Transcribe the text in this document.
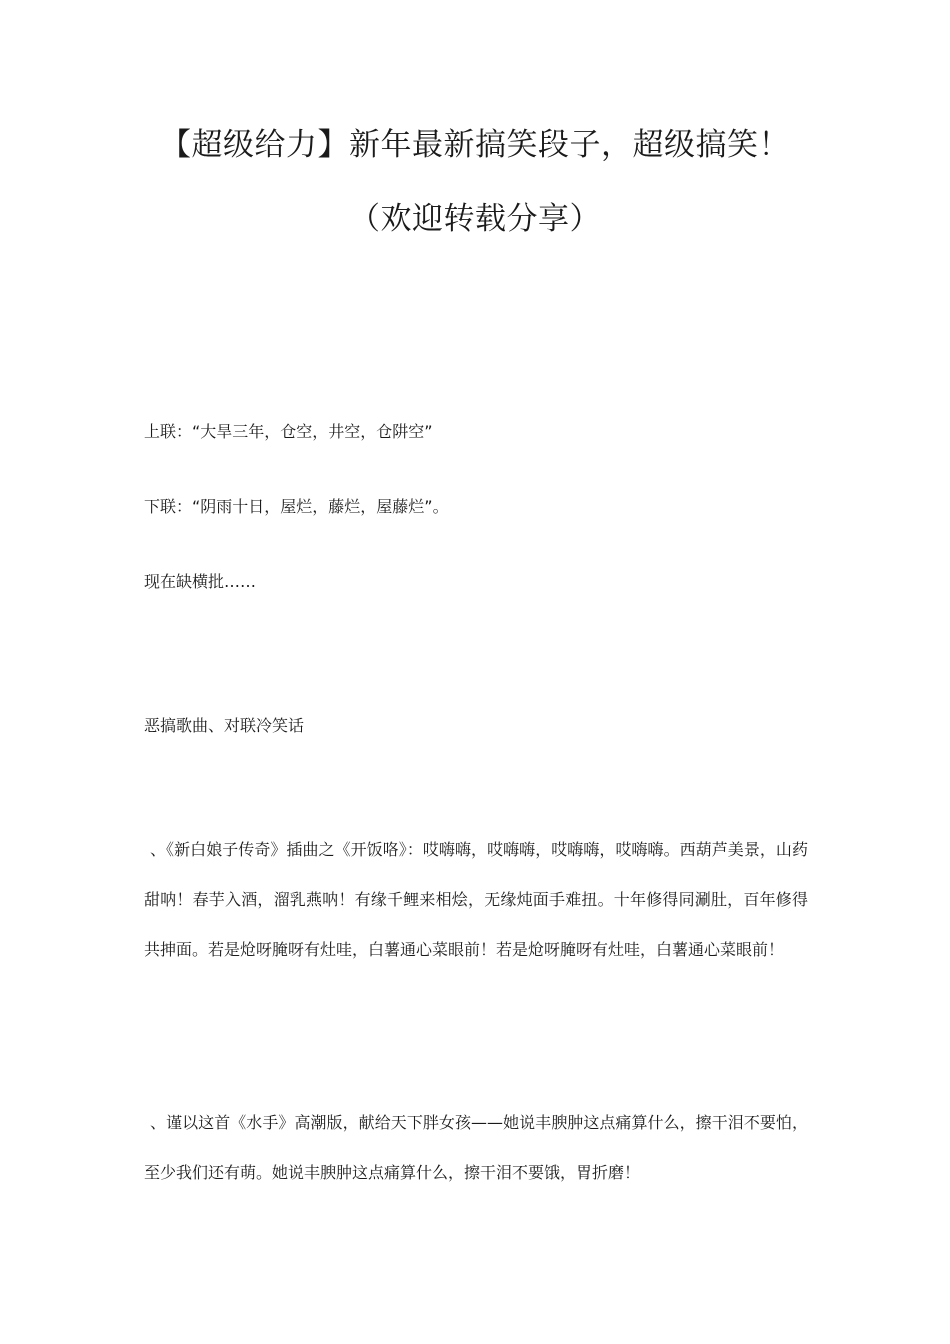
【超级给力】新年最新搞笑段子，超级搞笑！（欢迎转载分享）

上联：“大旱三年，仓空，井空，仓阱空”

下联：“阴雨十日，屋烂，藤烂，屋藤烂”。

现在缺横批……

恶搞歌曲、对联冷笑话

、《新白娘子传奇》插曲之《开饭咯》：哎嗨嗨，哎嗨嗨，哎嗨嗨，哎嗨嗨。西葫芦美景，山药甜呐！春芋入酒，溜乳燕呐！有缘千鲤来相烩，无缘炖面手难扭。十年修得同涮肚，百年修得共抻面。若是炝呀腌呀有灶哇，白薯通心菜眼前！若是炝呀腌呀有灶哇，白薯通心菜眼前！

、谨以这首《水手》高潮版，献给天下胖女孩——她说丰腴肿这点痛算什么，擦干泪不要怕，至少我们还有萌。她说丰腴肿这点痛算什么，擦干泪不要饿，胃折磨！
